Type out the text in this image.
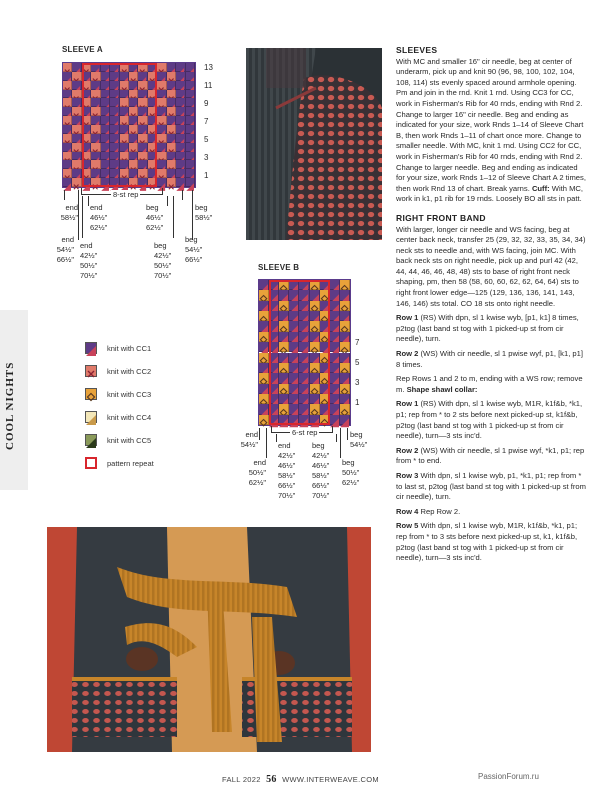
SLEEVE A
13
11
9
7
5
3
1
8-st rep
end
58½"
end
54½"
66½"
end
46½"
62½"
end
42½"
50½"
70½"
beg
46½"
62½"
beg
42½"
50½"
70½"
beg
58½"
beg
54½"
66½"
SLEEVE B
7
5
3
1
6-st rep
end
54½"
end
50½"
62½"
end
42½"
46½"
58½"
66½"
70½"
beg
42½"
46½"
58½"
66½"
70½"
beg
54½"
beg
50½"
62½"
COOL NIGHTS
knit with CC1
knit with CC2
knit with CC3
knit with CC4
knit with CC5
pattern repeat
SLEEVES

With MC and smaller 16" cir needle, beg at center of underarm, pick up and knit 90 (96, 98, 100, 102, 104, 108, 114) sts evenly spaced around armhole opening. Pm and join in the rnd. Knit 1 rnd. Using CC3 for CC, work in Fisherman's Rib for 40 rnds, ending with Rnd 2. Change to larger 16" cir needle. Beg and ending as indicated for your size, work Rnds 1–14 of Sleeve Chart B, then work Rnds 1–11 of chart once more. Change to smaller needle. With MC, knit 1 rnd. Using CC2 for CC, work in Fisherman's Rib for 40 rnds, ending with Rnd 2. Change to larger needle. Beg and ending as indicated for your size, work Rnds 1–12 of Sleeve Chart A 2 times, then work Rnd 13 of chart. Break yarns. Cuff: With MC, work in k1, p1 rib for 19 rnds. Loosely BO all sts in patt.

RIGHT FRONT BAND

With larger, longer cir needle and WS facing, beg at center back neck, transfer 25 (29, 32, 32, 33, 35, 34, 34) neck sts to needle and, with WS facing, join MC. With back neck sts on right needle, pick up and purl 42 (42, 44, 44, 46, 46, 48, 48) sts to base of right front neck shaping, pm, then 58 (58, 60, 60, 62, 62, 64, 64) sts to right front lower edge—125 (129, 136, 136, 141, 143, 146, 146) sts total. CO 18 sts onto right needle.

Row 1 (RS) With dpn, sl 1 kwise wyb, [p1, k1] 8 times, p2tog (last band st tog with 1 picked-up st from cir needle), turn.

Row 2 (WS) With cir needle, sl 1 pwise wyf, p1, [k1, p1] 8 times.

Rep Rows 1 and 2 to m, ending with a WS row; remove m. Shape shawl collar:

Row 1 (RS) With dpn, sl 1 kwise wyb, M1R, k1f&b, *k1, p1; rep from * to 2 sts before next picked-up st, k1f&b, p2tog (last band st tog with 1 picked-up st from cir needle), turn—3 sts inc'd.

Row 2 (WS) With cir needle, sl 1 pwise wyf, *k1, p1; rep from * to end.

Row 3 With dpn, sl 1 kwise wyb, p1, *k1, p1; rep from * to last st, p2tog (last band st tog with 1 picked-up st from cir needle), turn.

Row 4 Rep Row 2.

Row 5 With dpn, sl 1 kwise wyb, M1R, k1f&b, *k1, p1; rep from * to 3 sts before next picked-up st, k1, k1f&b, p2tog (last band st tog with 1 picked-up st from cir needle), turn—3 sts inc'd.

FALL 2022 56 WWW.INTERWEAVE.COM	PassionForum.ru
